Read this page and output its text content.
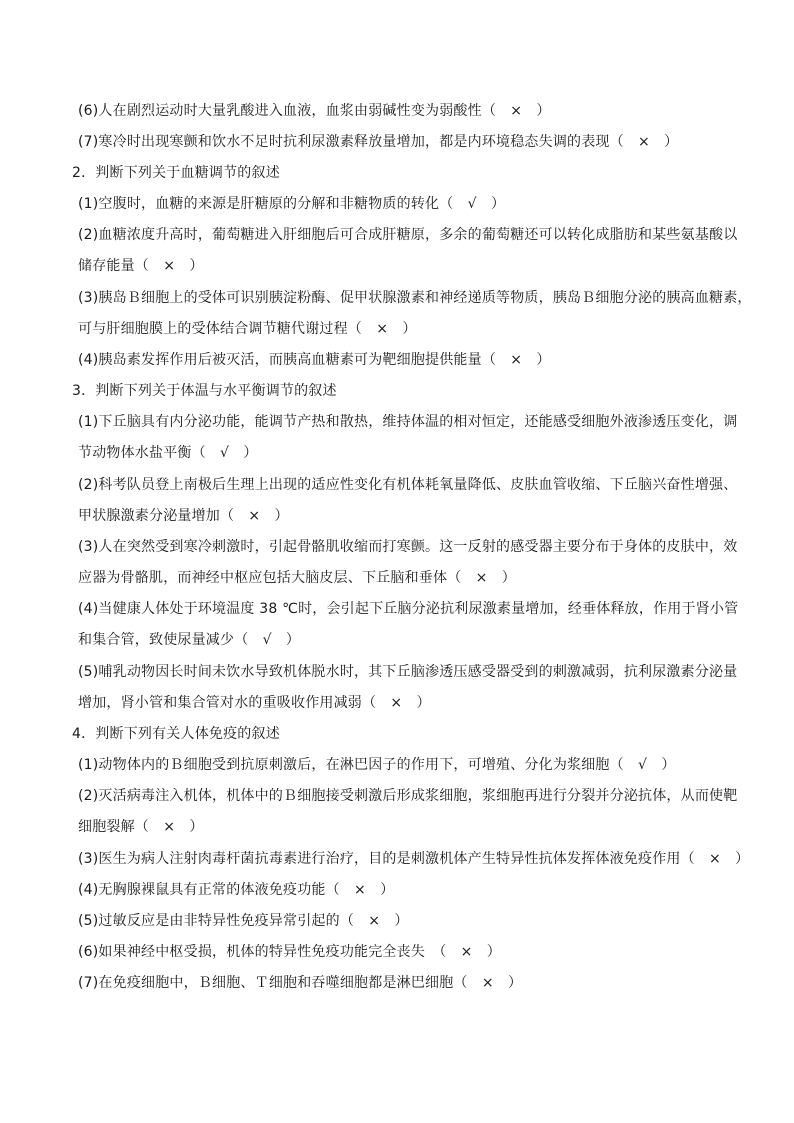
(6)人在剧烈运动时大量乳酸进入血液，血浆由弱碱性变为弱酸性（　×　）
(7)寒冷时出现寒颤和饮水不足时抗利尿激素释放量增加，都是内环境稳态失调的表现（　×　）
2．判断下列关于血糖调节的叙述
(1)空腹时，血糖的来源是肝糖原的分解和非糖物质的转化（　√　）
(2)血糖浓度升高时，葡萄糖进入肝细胞后可合成肝糖原，多余的葡萄糖还可以转化成脂肪和某些氨基酸以
储存能量（　×　）
(3)胰岛Ｂ细胞上的受体可识别胰淀粉酶、促甲状腺激素和神经递质等物质，胰岛Ｂ细胞分泌的胰高血糖素，
可与肝细胞膜上的受体结合调节糖代谢过程（　×　）
(4)胰岛素发挥作用后被灭活，而胰高血糖素可为靶细胞提供能量（　×　）
3．判断下列关于体温与水平衡调节的叙述
(1)下丘脑具有内分泌功能，能调节产热和散热，维持体温的相对恒定，还能感受细胞外液渗透压变化，调
节动物体水盐平衡（　√　）
(2)科考队员登上南极后生理上出现的适应性变化有机体耗氧量降低、皮肤血管收缩、下丘脑兴奋性增强、
甲状腺激素分泌量增加（　×　）
(3)人在突然受到寒冷刺激时，引起骨骼肌收缩而打寒颤。这一反射的感受器主要分布于身体的皮肤中，效
应器为骨骼肌，而神经中枢应包括大脑皮层、下丘脑和垂体（　×　）
(4)当健康人体处于环境温度 38 ℃时，会引起下丘脑分泌抗利尿激素量增加，经垂体释放，作用于肾小管
和集合管，致使尿量减少（　√　）
(5)哺乳动物因长时间未饮水导致机体脱水时，其下丘脑渗透压感受器受到的刺激减弱，抗利尿激素分泌量
增加，肾小管和集合管对水的重吸收作用减弱（　×　）
4．判断下列有关人体免疫的叙述
(1)动物体内的Ｂ细胞受到抗原刺激后，在淋巴因子的作用下，可增殖、分化为浆细胞（　√　）
(2)灭活病毒注入机体，机体中的Ｂ细胞接受刺激后形成浆细胞，浆细胞再进行分裂并分泌抗体，从而使靶
细胞裂解（　×　）
(3)医生为病人注射肉毒杆菌抗毒素进行治疗，目的是刺激机体产生特异性抗体发挥体液免疫作用（　×　）
(4)无胸腺裸鼠具有正常的体液免疫功能（　×　）
(5)过敏反应是由非特异性免疫异常引起的（　×　）
(6)如果神经中枢受损，机体的特异性免疫功能完全丧失　（　×　）
(7)在免疫细胞中，Ｂ细胞、Ｔ细胞和吞噬细胞都是淋巴细胞（　×　）
